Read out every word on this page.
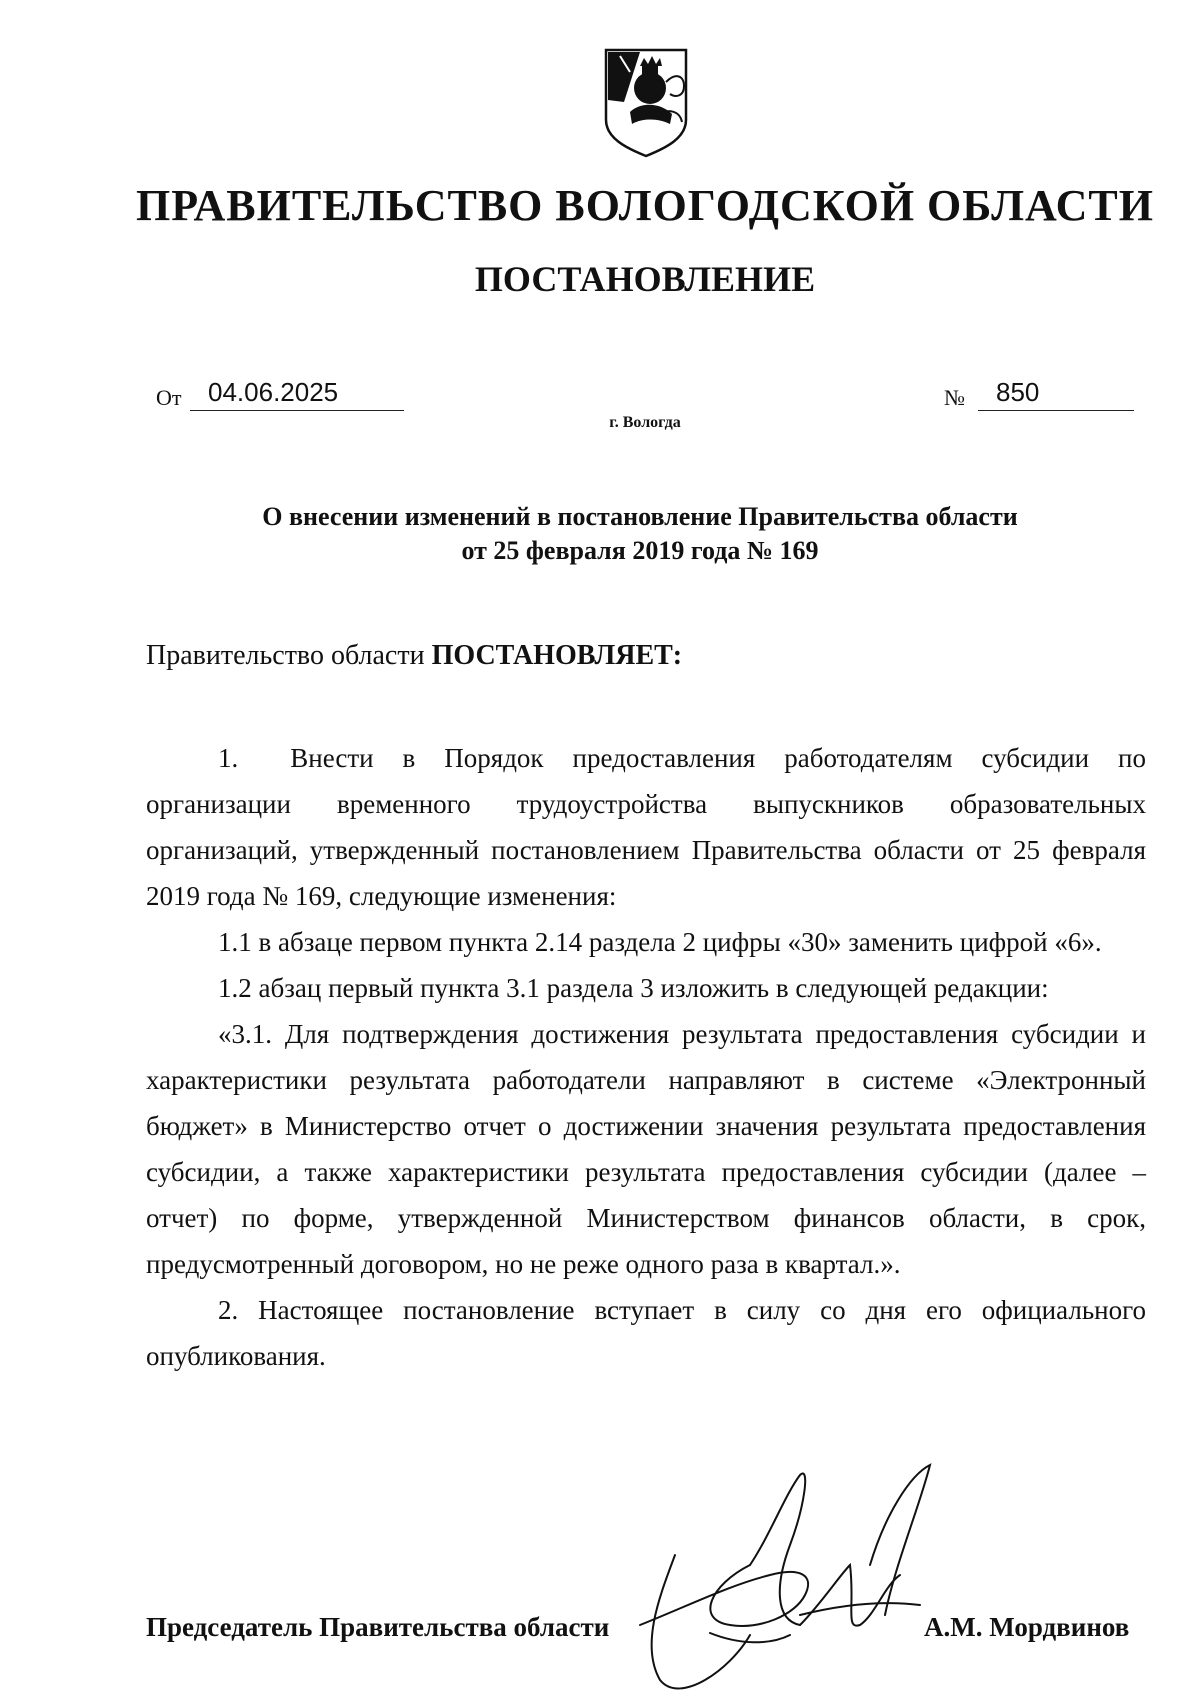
ПРАВИТЕЛЬСТВО ВОЛОГОДСКОЙ ОБЛАСТИ
ПОСТАНОВЛЕНИЕ
От	04.06.2025	№	850
г. Вологда
О внесении изменений в постановление Правительства области
от 25 февраля 2019 года № 169
Правительство области ПОСТАНОВЛЯЕТ:

1. Внести в Порядок предоставления работодателям субсидии по организации временного трудоустройства выпускников образовательных организаций, утвержденный постановлением Правительства области от 25 февраля 2019 года № 169, следующие изменения:

1.1 в абзаце первом пункта 2.14 раздела 2 цифры «30» заменить цифрой «6».

1.2 абзац первый пункта 3.1 раздела 3 изложить в следующей редакции:

«3.1. Для подтверждения достижения результата предоставления субсидии и характеристики результата работодатели направляют в системе «Электронный бюджет» в Министерство отчет о достижении значения результата предоставления субсидии, а также характеристики результата предоставления субсидии (далее – отчет) по форме, утвержденной Министерством финансов области, в срок, предусмотренный договором, но не реже одного раза в квартал.».

2. Настоящее постановление вступает в силу со дня его официального опубликования.

Председатель Правительства области	А.М. Мордвинов
